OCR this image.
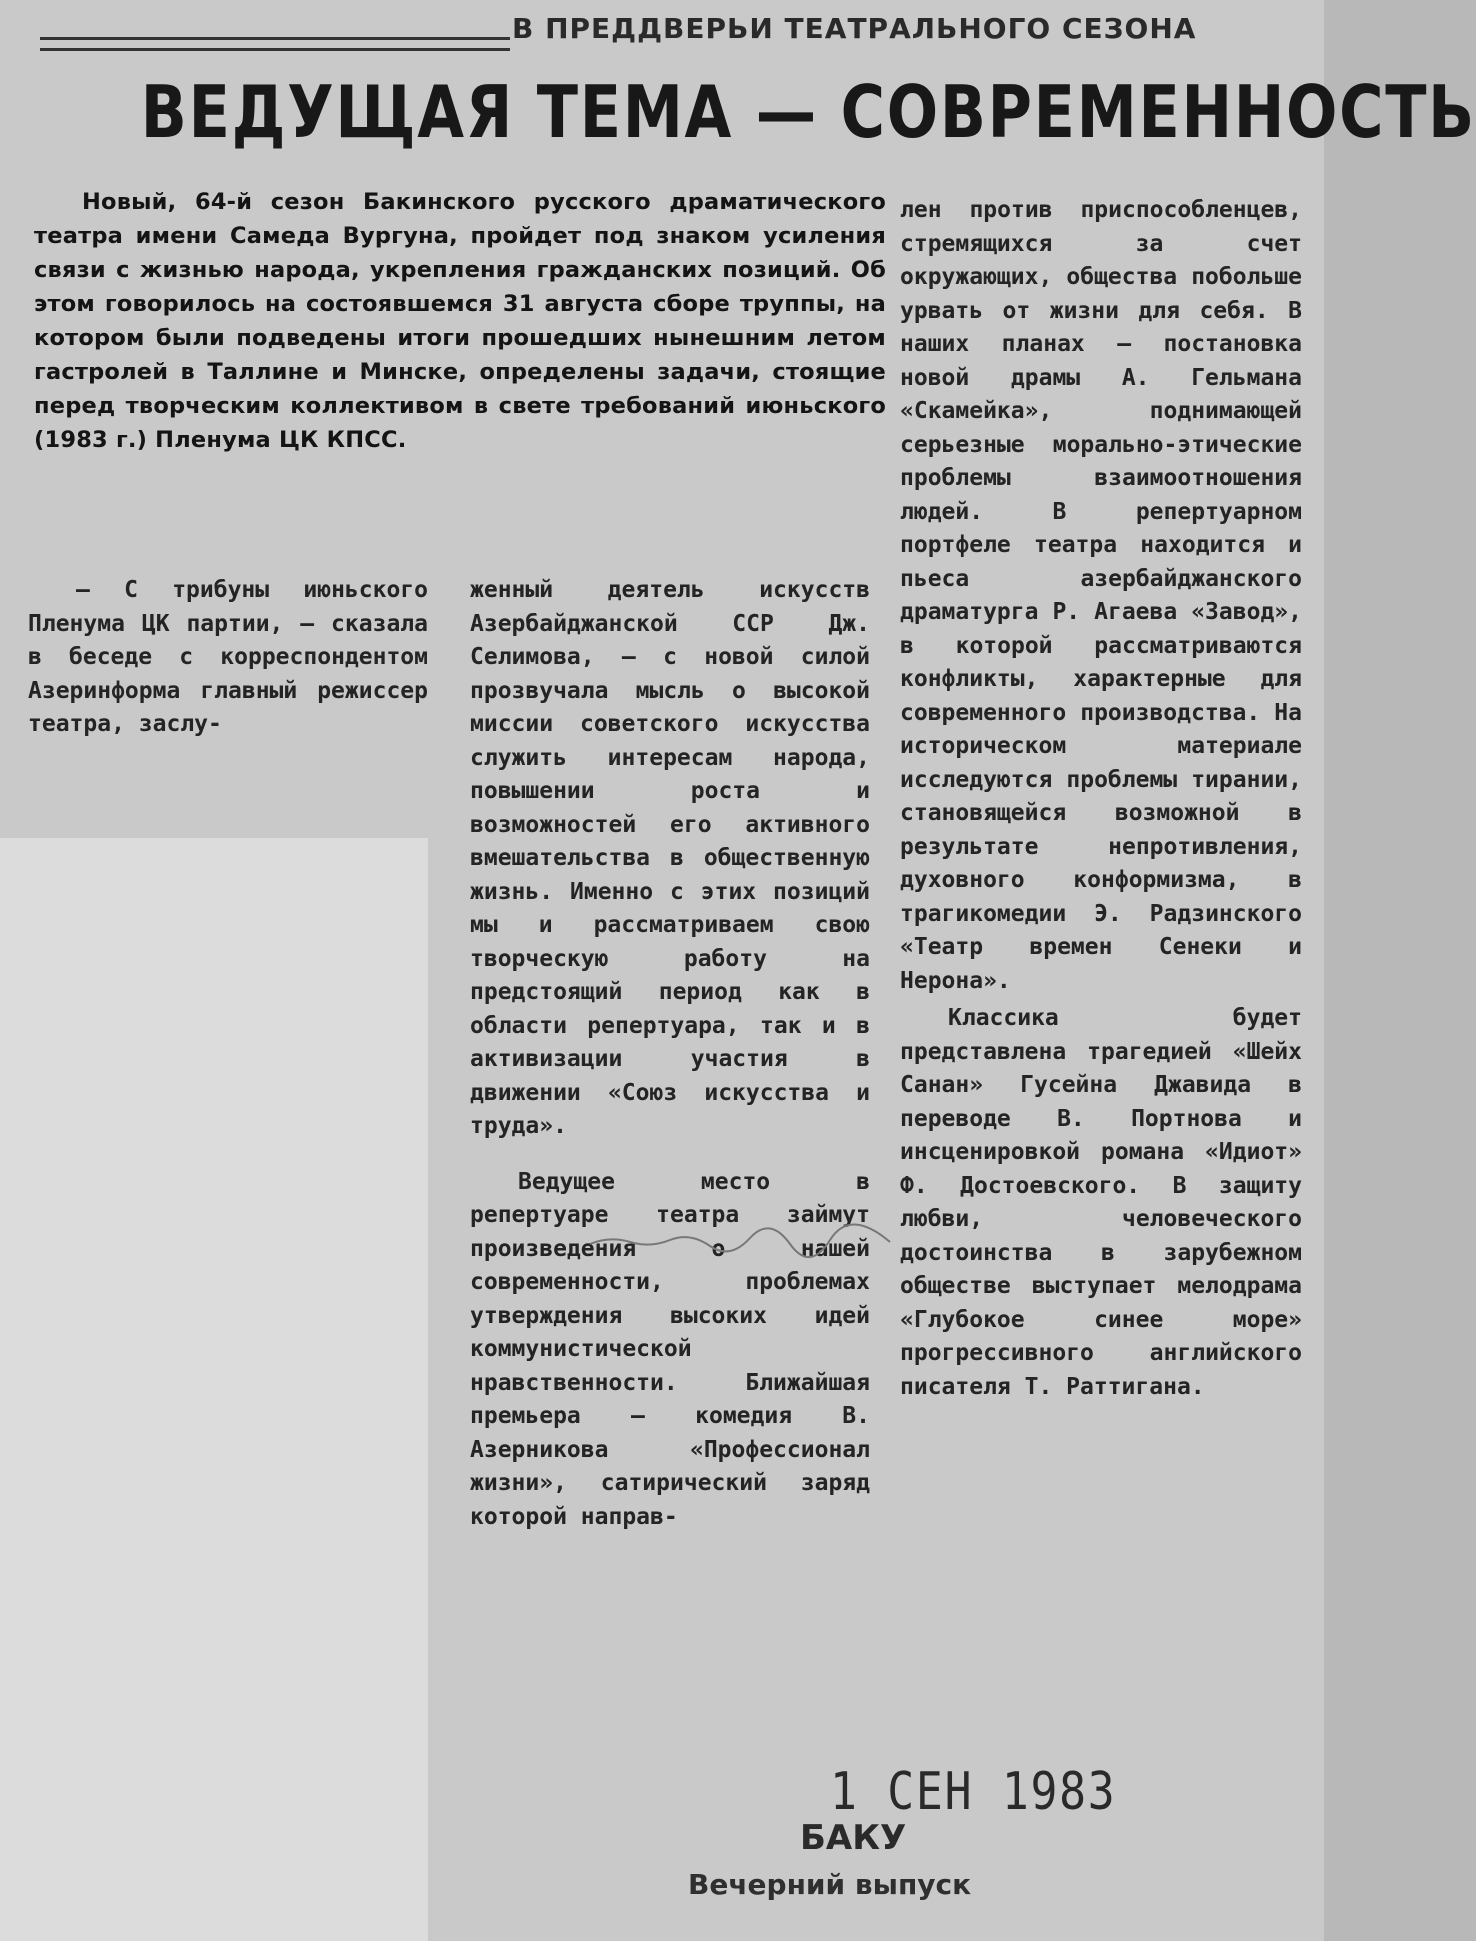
В ПРЕДДВЕРЬИ ТЕАТРАЛЬНОГО СЕЗОНА
ВЕДУЩАЯ ТЕМА — СОВРЕМЕННОСТЬ

Новый, 64-й сезон Бакинского русского драматического театра имени Самеда Вургуна, пройдет под знаком усиления связи с жизнью народа, укрепления гражданских позиций. Об этом говорилось на состоявшемся 31 августа сборе труппы, на котором были подведены итоги прошедших нынешним летом гастролей в Таллине и Минске, определены задачи, стоящие перед творческим коллективом в свете требований июньского (1983 г.) Пленума ЦК КПСС.

— С трибуны июньского Пленума ЦК партии, — сказала в беседе с корреспондентом Азеринформа главный режиссер театра, заслу-

женный деятель искусств Азербайджанской ССР Дж. Селимова, — с новой силой прозвучала мысль о высокой миссии советского искусства служить интересам народа, повышении роста и возможностей его активного вмешательства в общественную жизнь. Именно с этих позиций мы и рассматриваем свою творческую работу на предстоящий период как в области репертуара, так и в активизации участия в движении «Союз искусства и труда».

Ведущее место в репертуаре театра займут произведения о нашей современности, проблемах утверждения высоких идей коммунистической нравственности. Ближайшая премьера — комедия В. Азерникова «Профессионал жизни», сатирический заряд которой направ-

лен против приспособленцев, стремящихся за счет окружающих, общества побольше урвать от жизни для себя. В наших планах — постановка новой драмы А. Гельмана «Скамейка», поднимающей серьезные морально-этические проблемы взаимоотношения людей. В репертуарном портфеле театра находится и пьеса азербайджанского драматурга Р. Агаева «Завод», в которой рассматриваются конфликты, характерные для современного производства. На историческом материале исследуются проблемы тирании, становящейся возможной в результате непротивления, духовного конформизма, в трагикомедии Э. Радзинского «Театр времен Сенеки и Нерона».

Классика будет представлена трагедией «Шейх Санан» Гусейна Джавида в переводе В. Портнова и инсценировкой романа «Идиот» Ф. Достоевского. В защиту любви, человеческого достоинства в зарубежном обществе выступает мелодрама «Глубокое синее море» прогрессивного английского писателя Т. Раттигана.

1 СЕН 1983
БАКУ
Вечерний выпуск
